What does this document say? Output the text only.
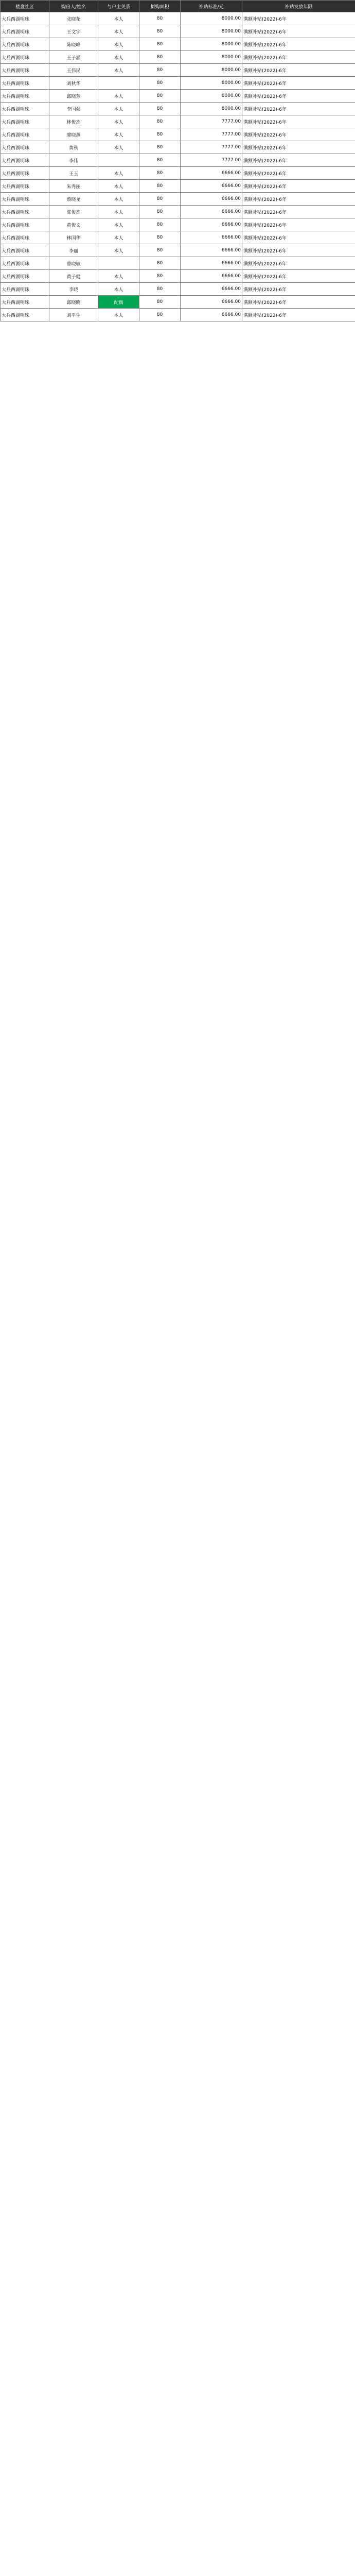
楼盘社区	购房人/姓名	与户主关系	拟购面积	补贴标准/元	补贴发放年限
大兵西湖明珠	张晓花	本人	80	8000.00	满额补贴(2022)-6年
大兵西湖明珠	王文宇	本人	80	8000.00	满额补贴(2022)-6年
大兵西湖明珠	陈晓峰	本人	80	8000.00	满额补贴(2022)-6年
大兵西湖明珠	王子涵	本人	80	8000.00	满额补贴(2022)-6年
大兵西湖明珠	王伟民	本人	80	8000.00	满额补贴(2022)-6年
大兵西湖明珠	刘秋华	配偶	80	8000.00	满额补贴(2022)-6年
大兵西湖明珠	邱晓芳	本人	80	8000.00	满额补贴(2022)-6年
大兵西湖明珠	李国强	本人	80	8000.00	满额补贴(2022)-6年
大兵西湖明珠	林俊杰	本人	80	7777.00	满额补贴(2022)-6年
大兵西湖明珠	廖晓燕	本人	80	7777.00	满额补贴(2022)-6年
大兵西湖明珠	黄秋	本人	80	7777.00	满额补贴(2022)-6年
大兵西湖明珠	李伟	女/子女	80	7777.00	满额补贴(2022)-6年
大兵西湖明珠	王玉	本人	80	6666.00	满额补贴(2022)-6年
大兵西湖明珠	朱秀丽	本人	80	6666.00	满额补贴(2022)-6年
大兵西湖明珠	蔡晓龙	本人	80	6666.00	满额补贴(2022)-6年
大兵西湖明珠	陈俊杰	本人	80	6666.00	满额补贴(2022)-6年
大兵西湖明珠	黄俊文	本人	80	6666.00	满额补贴(2022)-6年
大兵西湖明珠	林国华	本人	80	6666.00	满额补贴(2022)-6年
大兵西湖明珠	李丽	本人	80	6666.00	满额补贴(2022)-6年
大兵西湖明珠	曾晓敏	配偶	80	6666.00	满额补贴(2022)-6年
大兵西湖明珠	黄子健	本人	80	6666.00	满额补贴(2022)-6年
大兵西湖明珠	李晓	本人	80	6666.00	满额补贴(2022)-6年
大兵西湖明珠	邱晓晓	配偶	80	6666.00	满额补贴(2022)-6年
大兵西湖明珠	刘平生	本人	80	6666.00	满额补贴(2022)-6年
